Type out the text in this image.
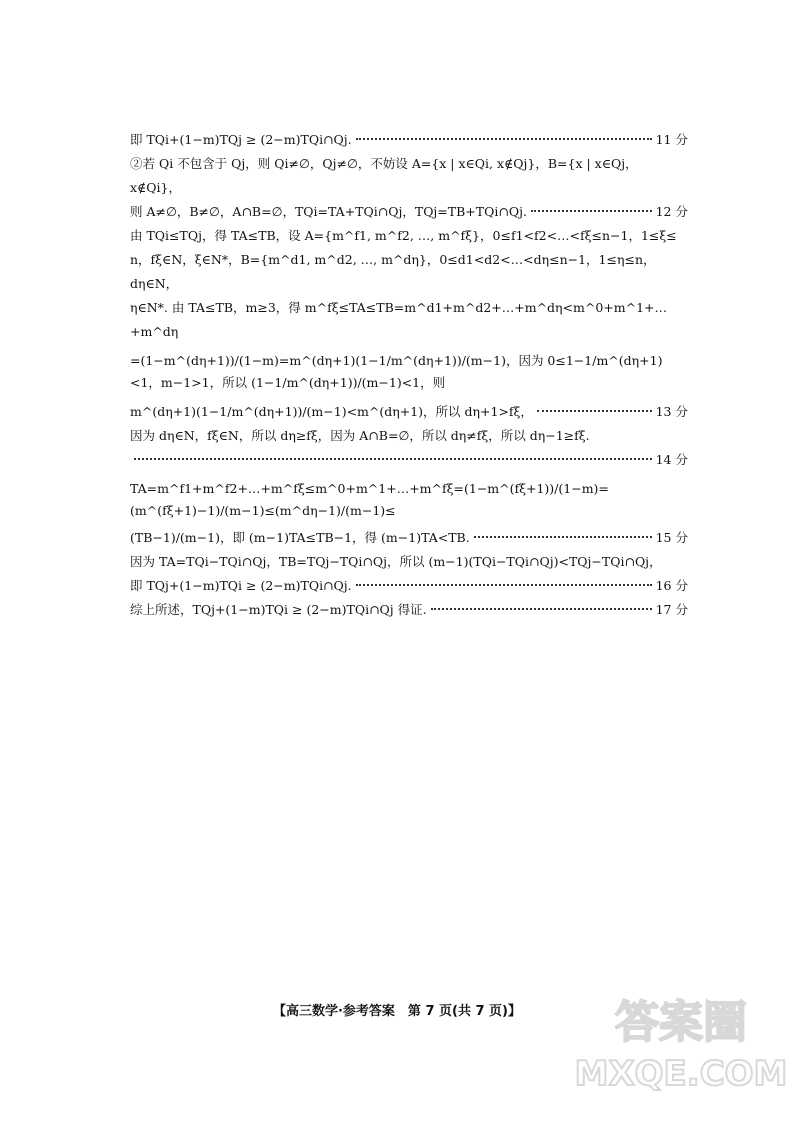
即 TQi+(1−m)TQj ≥ (2−m)TQi∩Qj.	11 分
②若 Qi 不包含于 Qj，则 Qi≠∅，Qj≠∅，不妨设 A={x | x∈Qi, x∉Qj}，B={x | x∈Qj，
x∉Qi}，
则 A≠∅，B≠∅，A∩B=∅，TQi=TA+TQi∩Qj，TQj=TB+TQi∩Qj.	12 分
由 TQi≤TQj，得 TA≤TB，设 A={m^f1, m^f2, …, m^fξ}，0≤f1<f2<…<fξ≤n−1，1≤ξ≤
n，fξ∈N，ξ∈N*，B={m^d1, m^d2, …, m^dη}，0≤d1<d2<…<dη≤n−1，1≤η≤n，dη∈N，
η∈N*. 由 TA≤TB，m≥3，得 m^fξ≤TA≤TB=m^d1+m^d2+…+m^dη<m^0+m^1+…+m^dη
=(1−m^(dη+1))/(1−m)=m^(dη+1)(1−1/m^(dη+1))/(m−1)，因为 0≤1−1/m^(dη+1)<1，m−1>1，所以 (1−1/m^(dη+1))/(m−1)<1，则
m^(dη+1)(1−1/m^(dη+1))/(m−1)<m^(dη+1)，所以 dη+1>fξ，	13 分
因为 dη∈N，fξ∈N，所以 dη≥fξ，因为 A∩B=∅，所以 dη≠fξ，所以 dη−1≥fξ.
14 分
TA=m^f1+m^f2+…+m^fξ≤m^0+m^1+…+m^fξ=(1−m^(fξ+1))/(1−m)=(m^(fξ+1)−1)/(m−1)≤(m^dη−1)/(m−1)≤
(TB−1)/(m−1)，即 (m−1)TA≤TB−1，得 (m−1)TA<TB.	15 分
因为 TA=TQi−TQi∩Qj，TB=TQj−TQi∩Qj，所以 (m−1)(TQi−TQi∩Qj)<TQj−TQi∩Qj，
即 TQj+(1−m)TQi ≥ (2−m)TQi∩Qj.	16 分
综上所述，TQj+(1−m)TQi ≥ (2−m)TQi∩Qj 得证.	17 分
【高三数学·参考答案　第 7 页(共 7 页)】	答案圈
MXQE.COM
